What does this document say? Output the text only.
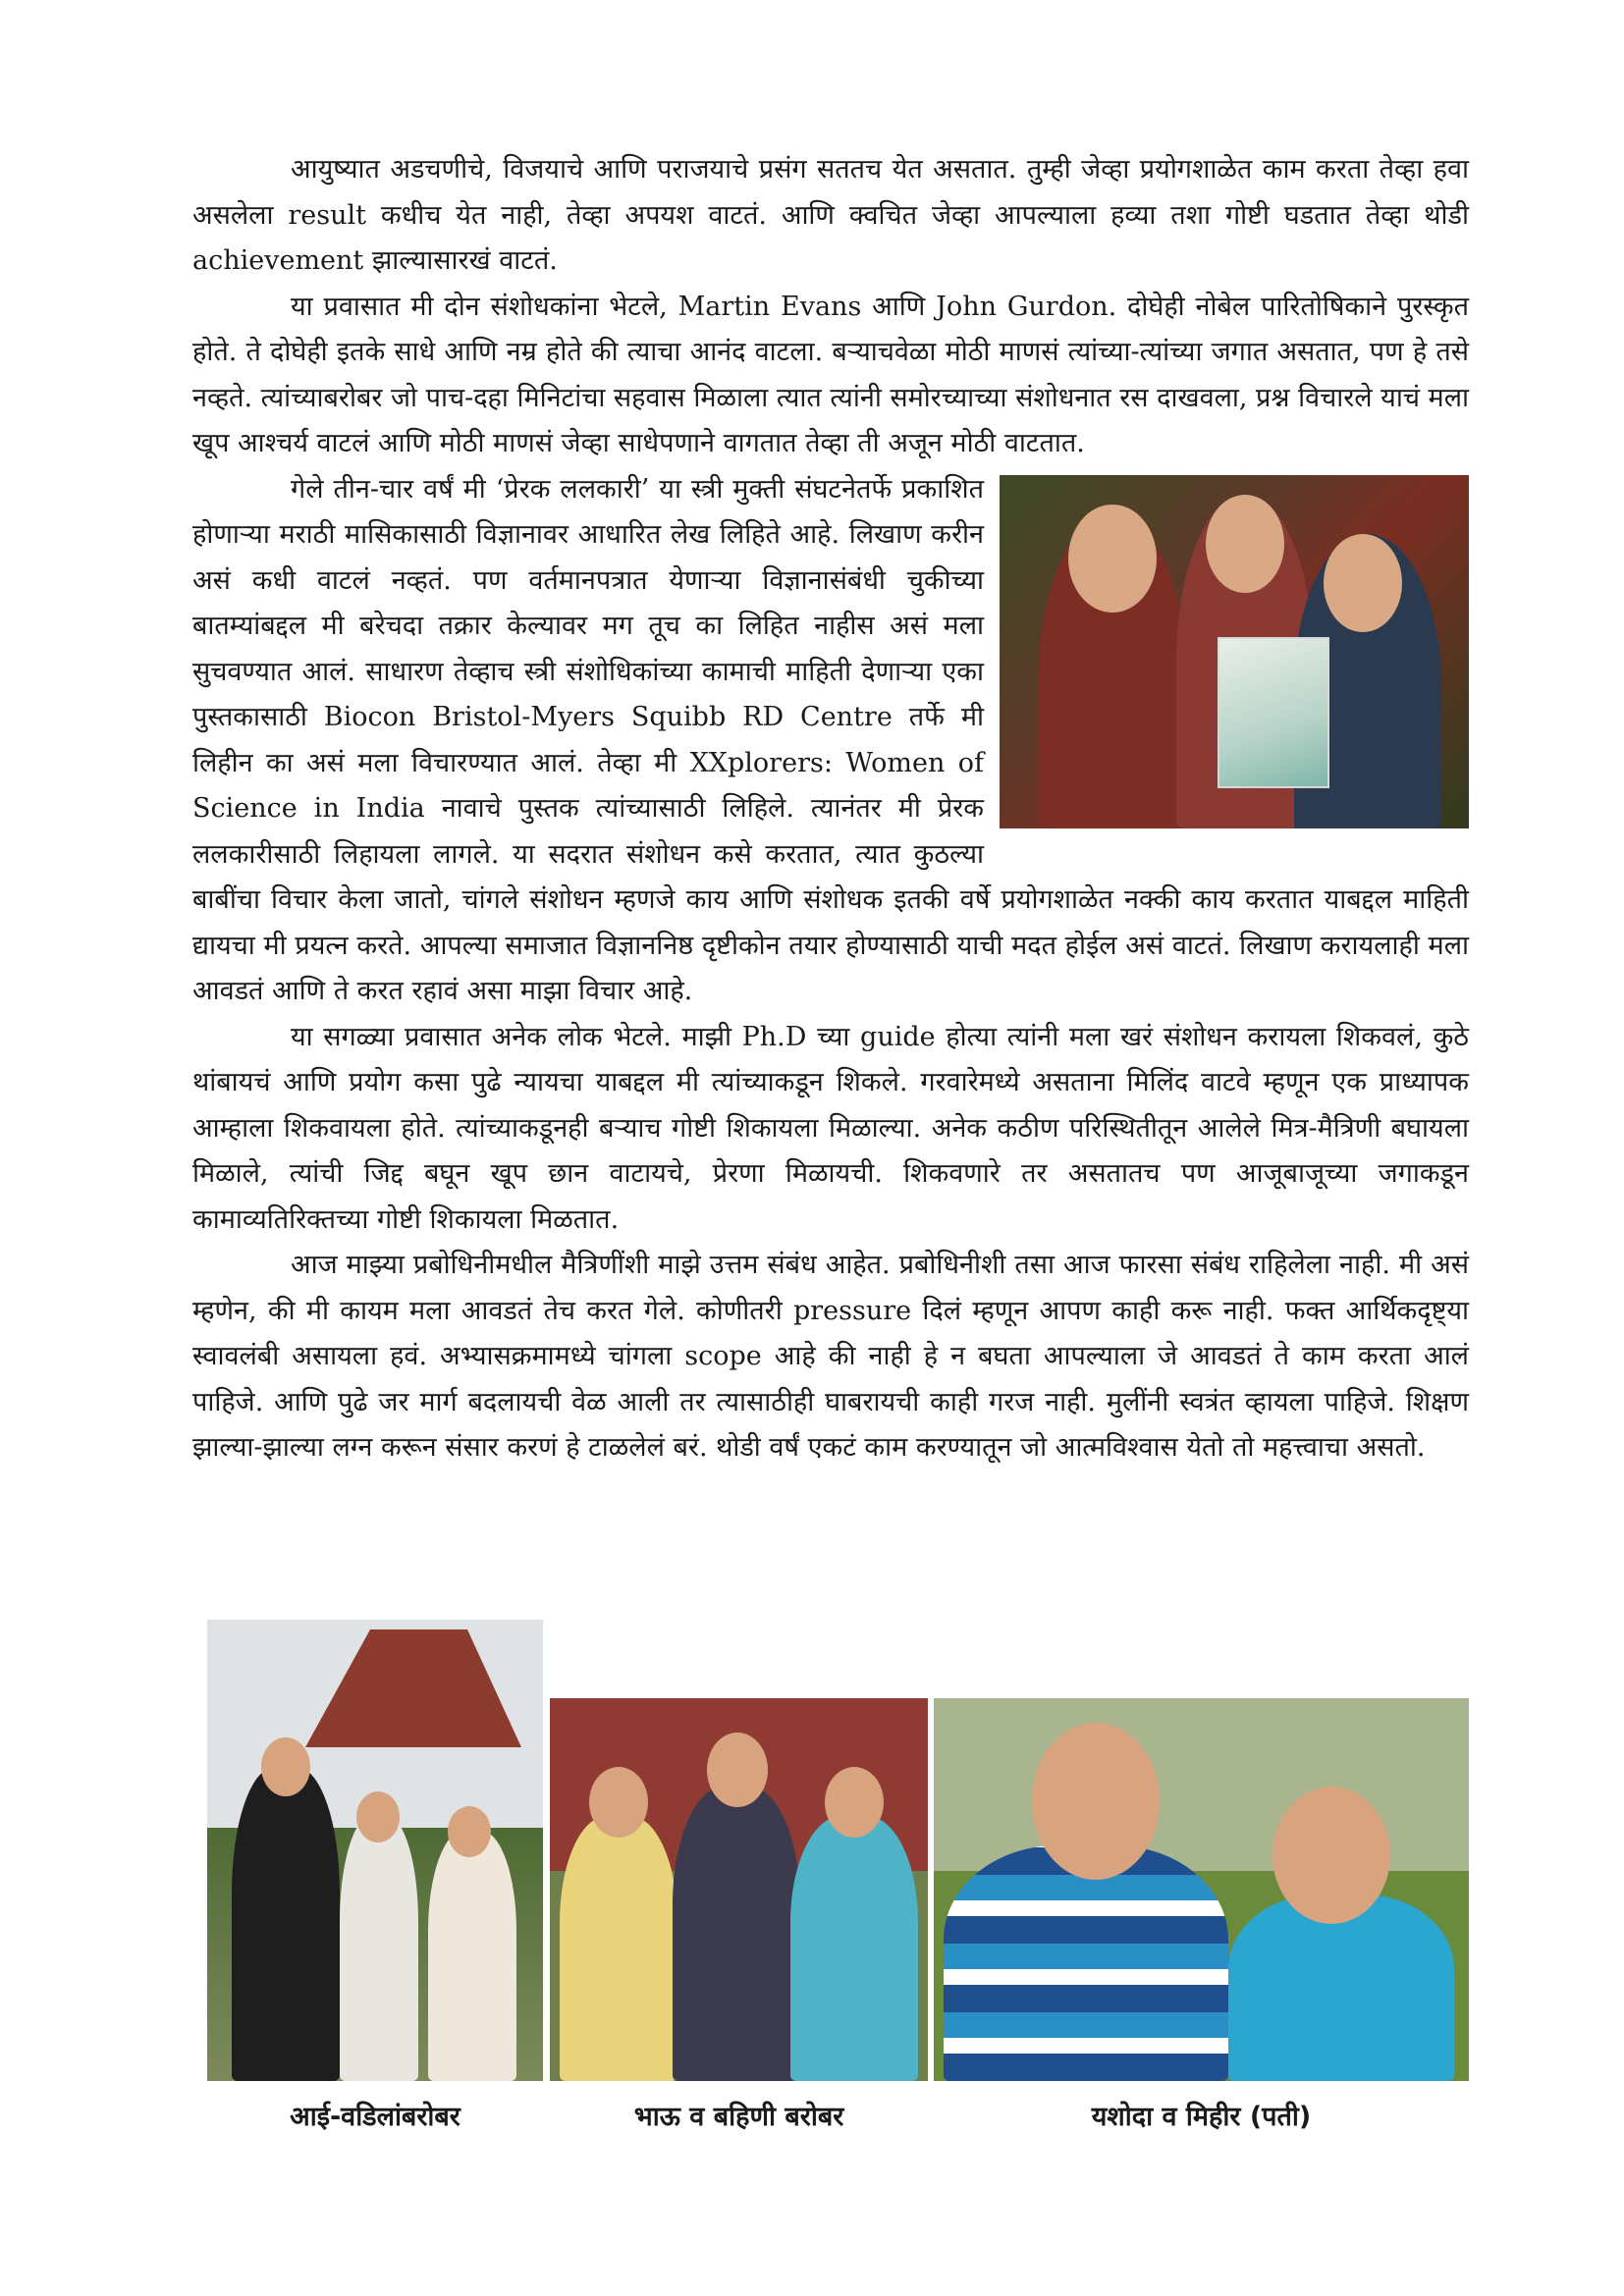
आयुष्यात अडचणीचे, विजयाचे आणि पराजयाचे प्रसंग सततच येत असतात. तुम्ही जेव्हा प्रयोगशाळेत काम करता तेव्हा हवा असलेला result कधीच येत नाही, तेव्हा अपयश वाटतं. आणि क्वचित जेव्हा आपल्याला हव्या तशा गोष्टी घडतात तेव्हा थोडी achievement झाल्यासारखं वाटतं.

या प्रवासात मी दोन संशोधकांना भेटले, Martin Evans आणि John Gurdon. दोघेही नोबेल पारितोषिकाने पुरस्कृत होते. ते दोघेही इतके साधे आणि नम्र होते की त्याचा आनंद वाटला. बऱ्याचवेळा मोठी माणसं त्यांच्या-त्यांच्या जगात असतात, पण हे तसे नव्हते. त्यांच्याबरोबर जो पाच-दहा मिनिटांचा सहवास मिळाला त्यात त्यांनी समोरच्याच्या संशोधनात रस दाखवला, प्रश्न विचारले याचं मला खूप आश्चर्य वाटलं आणि मोठी माणसं जेव्हा साधेपणाने वागतात तेव्हा ती अजून मोठी वाटतात.

गेले तीन-चार वर्षं मी ‘प्रेरक ललकारी’ या स्त्री मुक्ती संघटनेतर्फे प्रकाशित होणाऱ्या मराठी मासिकासाठी विज्ञानावर आधारित लेख लिहिते आहे. लिखाण करीन असं कधी वाटलं नव्हतं. पण वर्तमानपत्रात येणाऱ्या विज्ञानासंबंधी चुकीच्या बातम्यांबद्दल मी बरेचदा तक्रार केल्यावर मग तूच का लिहित नाहीस असं मला सुचवण्यात आलं. साधारण तेव्हाच स्त्री संशोधिकांच्या कामाची माहिती देणाऱ्या एका पुस्तकासाठी Biocon Bristol-Myers Squibb RD Centre तर्फे मी लिहीन का असं मला विचारण्यात आलं. तेव्हा मी XXplorers: Women of Science in India नावाचे पुस्तक त्यांच्यासाठी लिहिले. त्यानंतर मी प्रेरक ललकारीसाठी लिहायला लागले. या सदरात संशोधन कसे करतात, त्यात कुठल्या बाबींचा विचार केला जातो, चांगले संशोधन म्हणजे काय आणि संशोधक इतकी वर्षे प्रयोगशाळेत नक्की काय करतात याबद्दल माहिती द्यायचा मी प्रयत्न करते. आपल्या समाजात विज्ञाननिष्ठ दृष्टीकोन तयार होण्यासाठी याची मदत होईल असं वाटतं. लिखाण करायलाही मला आवडतं आणि ते करत रहावं असा माझा विचार आहे.

या सगळ्या प्रवासात अनेक लोक भेटले. माझी Ph.D च्या guide होत्या त्यांनी मला खरं संशोधन करायला शिकवलं, कुठे थांबायचं आणि प्रयोग कसा पुढे न्यायचा याबद्दल मी त्यांच्याकडून शिकले. गरवारेमध्ये असताना मिलिंद वाटवे म्हणून एक प्राध्यापक आम्हाला शिकवायला होते. त्यांच्याकडूनही बऱ्याच गोष्टी शिकायला मिळाल्या. अनेक कठीण परिस्थितीतून आलेले मित्र-मैत्रिणी बघायला मिळाले, त्यांची जिद्द बघून खूप छान वाटायचे, प्रेरणा मिळायची. शिकवणारे तर असतातच पण आजूबाजूच्या जगाकडून कामाव्यतिरिक्तच्या गोष्टी शिकायला मिळतात.

आज माझ्या प्रबोधिनीमधील मैत्रिणींशी माझे उत्तम संबंध आहेत. प्रबोधिनीशी तसा आज फारसा संबंध राहिलेला नाही. मी असं म्हणेन, की मी कायम मला आवडतं तेच करत गेले. कोणीतरी pressure दिलं म्हणून आपण काही करू नाही. फक्त आर्थिकदृष्ट्या स्वावलंबी असायला हवं. अभ्यासक्रमामध्ये चांगला scope आहे की नाही हे न बघता आपल्याला जे आवडतं ते काम करता आलं पाहिजे. आणि पुढे जर मार्ग बदलायची वेळ आली तर त्यासाठीही घाबरायची काही गरज नाही. मुलींनी स्वत्रंत व्हायला पाहिजे. शिक्षण झाल्या-झाल्या लग्न करून संसार करणं हे टाळलेलं बरं. थोडी वर्षं एकटं काम करण्यातून जो आत्मविश्वास येतो तो महत्त्वाचा असतो.

आई-वडिलांबरोबर	भाऊ व बहिणी बरोबर	यशोदा व मिहीर (पती)
